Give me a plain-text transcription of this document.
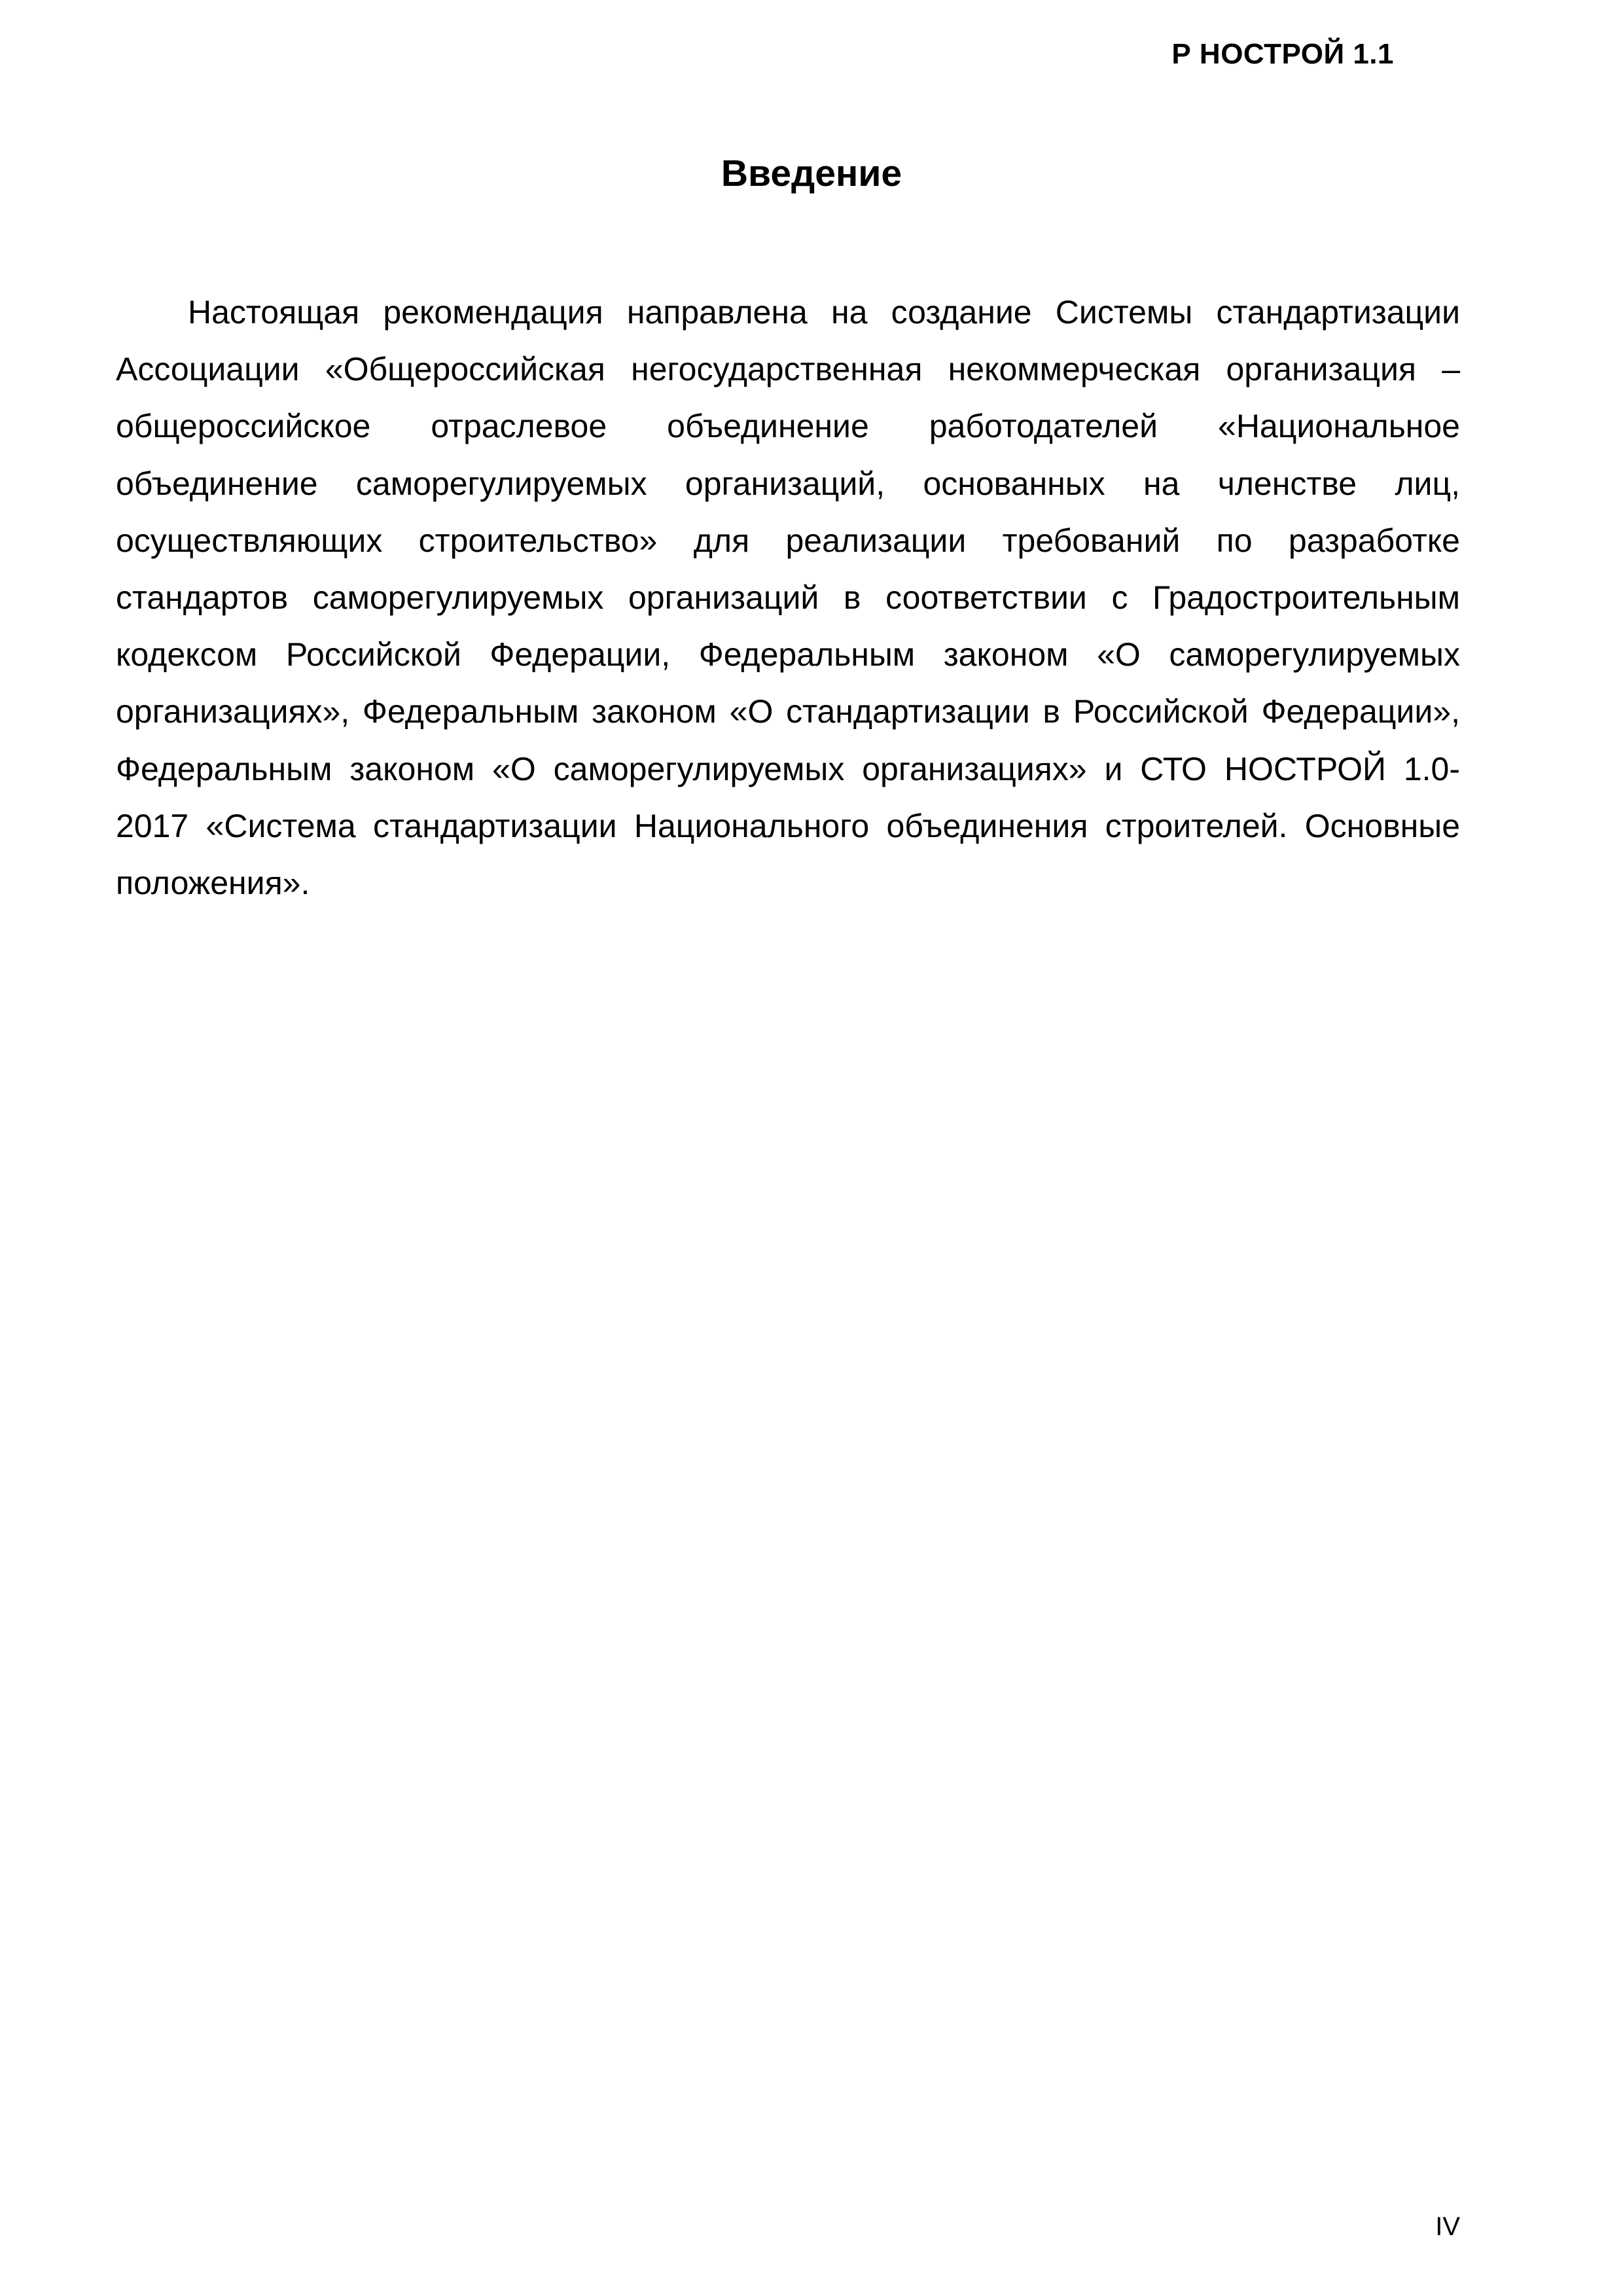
Р НОСТРОЙ 1.1
Введение

Настоящая рекомендация направлена на создание Системы стандартизации Ассоциации «Общероссийская негосударственная некоммерческая организация – общероссийское отраслевое объединение работодателей «Национальное объединение саморегулируемых организаций, основанных на членстве лиц, осуществляющих строительство» для реализации требований по разработке стандартов саморегулируемых организаций в соответствии с Градостроительным кодексом Российской Федерации, Федеральным законом «О саморегулируемых организациях», Федеральным законом «О стандартизации в Российской Федерации», Федеральным законом «О саморегулируемых организациях» и СТО НОСТРОЙ 1.0-2017 «Система стандартизации Национального объединения строителей. Основные положения».

IV
